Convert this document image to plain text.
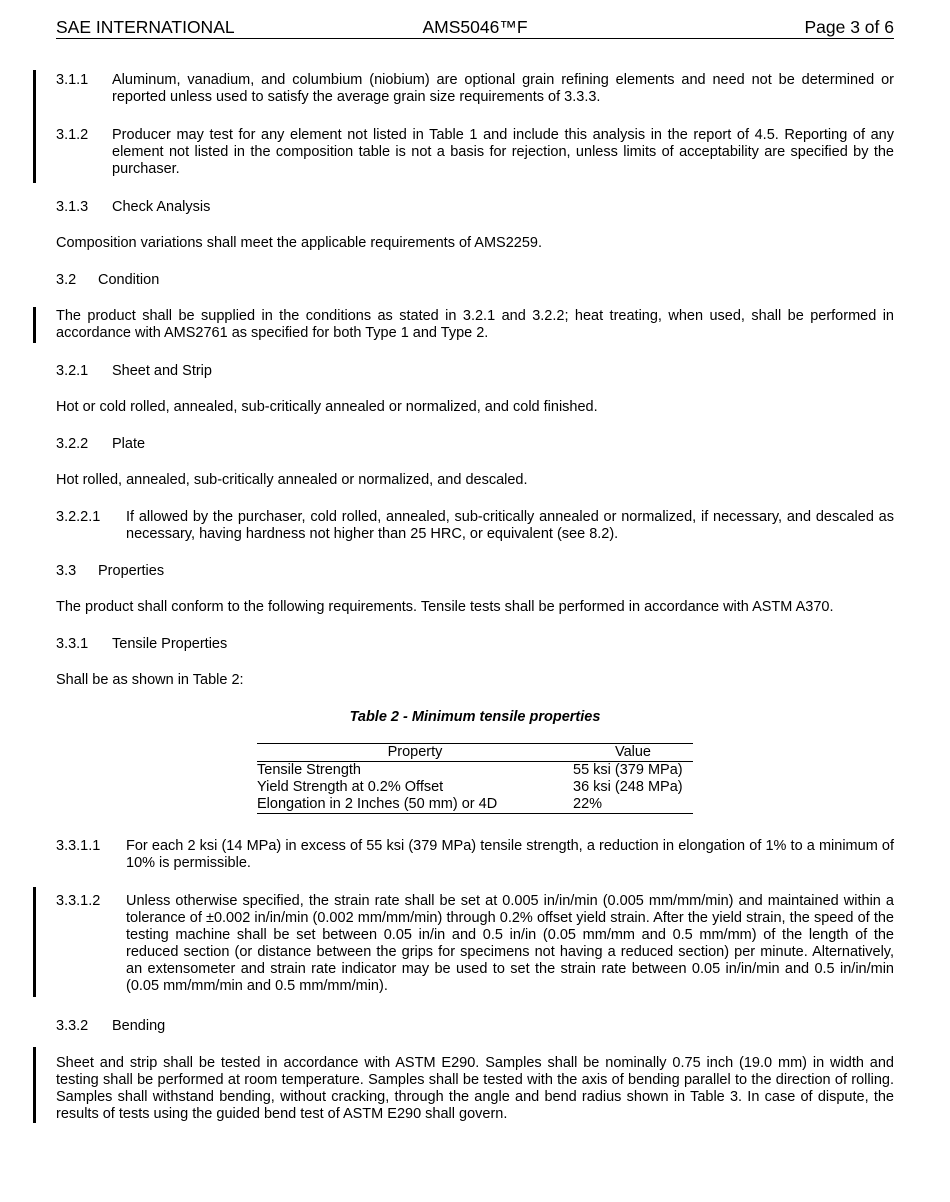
SAE INTERNATIONAL	AMS5046™F	Page 3 of 6
3.1.1 Aluminum, vanadium, and columbium (niobium) are optional grain refining elements and need not be determined or reported unless used to satisfy the average grain size requirements of 3.3.3.
3.1.2 Producer may test for any element not listed in Table 1 and include this analysis in the report of 4.5. Reporting of any element not listed in the composition table is not a basis for rejection, unless limits of acceptability are specified by the purchaser.
3.1.3 Check Analysis
Composition variations shall meet the applicable requirements of AMS2259.
3.2 Condition
The product shall be supplied in the conditions as stated in 3.2.1 and 3.2.2; heat treating, when used, shall be performed in accordance with AMS2761 as specified for both Type 1 and Type 2.
3.2.1 Sheet and Strip
Hot or cold rolled, annealed, sub-critically annealed or normalized, and cold finished.
3.2.2 Plate
Hot rolled, annealed, sub-critically annealed or normalized, and descaled.
3.2.2.1 If allowed by the purchaser, cold rolled, annealed, sub-critically annealed or normalized, if necessary, and descaled as necessary, having hardness not higher than 25 HRC, or equivalent (see 8.2).
3.3 Properties
The product shall conform to the following requirements. Tensile tests shall be performed in accordance with ASTM A370.
3.3.1 Tensile Properties
Shall be as shown in Table 2:
Table 2 - Minimum tensile properties
Property	Value
Tensile Strength	55 ksi (379 MPa)
Yield Strength at 0.2% Offset	36 ksi (248 MPa)
Elongation in 2 Inches (50 mm) or 4D	22%
3.3.1.1 For each 2 ksi (14 MPa) in excess of 55 ksi (379 MPa) tensile strength, a reduction in elongation of 1% to a minimum of 10% is permissible.
3.3.1.2 Unless otherwise specified, the strain rate shall be set at 0.005 in/in/min (0.005 mm/mm/min) and maintained within a tolerance of ±0.002 in/in/min (0.002 mm/mm/min) through 0.2% offset yield strain. After the yield strain, the speed of the testing machine shall be set between 0.05 in/in and 0.5 in/in (0.05 mm/mm and 0.5 mm/mm) of the length of the reduced section (or distance between the grips for specimens not having a reduced section) per minute. Alternatively, an extensometer and strain rate indicator may be used to set the strain rate between 0.05 in/in/min and 0.5 in/in/min (0.05 mm/mm/min and 0.5 mm/mm/min).
3.3.2 Bending
Sheet and strip shall be tested in accordance with ASTM E290. Samples shall be nominally 0.75 inch (19.0 mm) in width and testing shall be performed at room temperature. Samples shall be tested with the axis of bending parallel to the direction of rolling. Samples shall withstand bending, without cracking, through the angle and bend radius shown in Table 3. In case of dispute, the results of tests using the guided bend test of ASTM E290 shall govern.
